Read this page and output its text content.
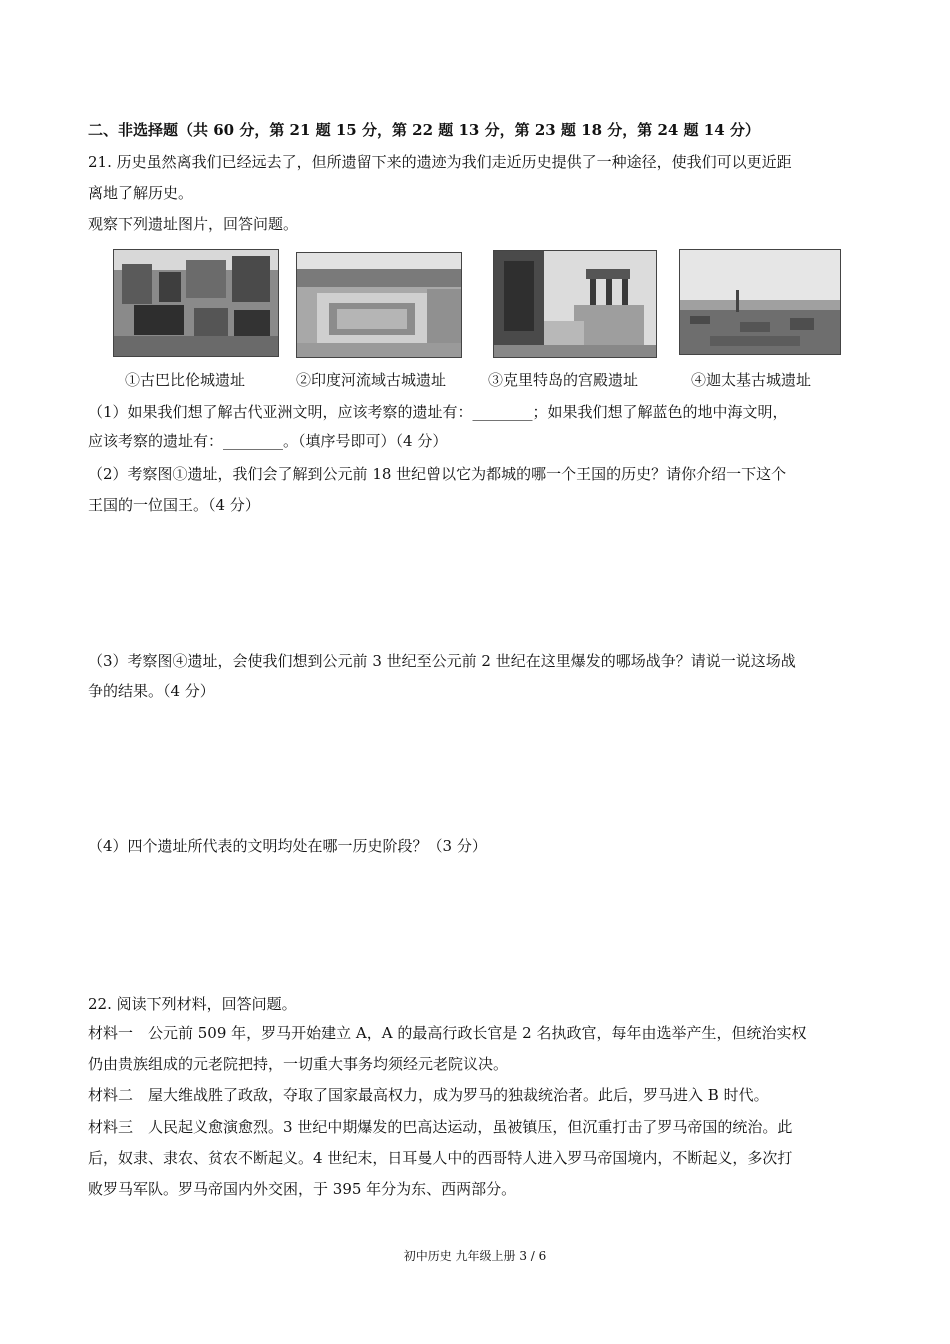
二、非选择题（共 60 分，第 21 题 15 分，第 22 题 13 分，第 23 题 18 分，第 24 题 14 分）
21. 历史虽然离我们已经远去了，但所遗留下来的遗迹为我们走近历史提供了一种途径，使我们可以更近距
离地了解历史。
观察下列遗址图片，回答问题。
①古巴比伦城遗址	②印度河流域古城遗址	③克里特岛的宫殿遗址	④迦太基古城遗址
（1）如果我们想了解古代亚洲文明，应该考察的遗址有：________；如果我们想了解蓝色的地中海文明，
应该考察的遗址有：________。（填序号即可）（4 分）
（2）考察图①遗址，我们会了解到公元前 18 世纪曾以它为都城的哪一个王国的历史？请你介绍一下这个
王国的一位国王。（4 分）
（3）考察图④遗址，会使我们想到公元前 3 世纪至公元前 2 世纪在这里爆发的哪场战争？请说一说这场战
争的结果。（4 分）
（4）四个遗址所代表的文明均处在哪一历史阶段？（3 分）
22. 阅读下列材料，回答问题。
材料一　公元前 509 年，罗马开始建立 A，A 的最高行政长官是 2 名执政官，每年由选举产生，但统治实权
仍由贵族组成的元老院把持，一切重大事务均须经元老院议决。
材料二　屋大维战胜了政敌，夺取了国家最高权力，成为罗马的独裁统治者。此后，罗马进入 B 时代。
材料三　人民起义愈演愈烈。3 世纪中期爆发的巴高达运动，虽被镇压，但沉重打击了罗马帝国的统治。此
后，奴隶、隶农、贫农不断起义。4 世纪末，日耳曼人中的西哥特人进入罗马帝国境内，不断起义，多次打
败罗马军队。罗马帝国内外交困，于 395 年分为东、西两部分。
初中历史 九年级上册 3 / 6
